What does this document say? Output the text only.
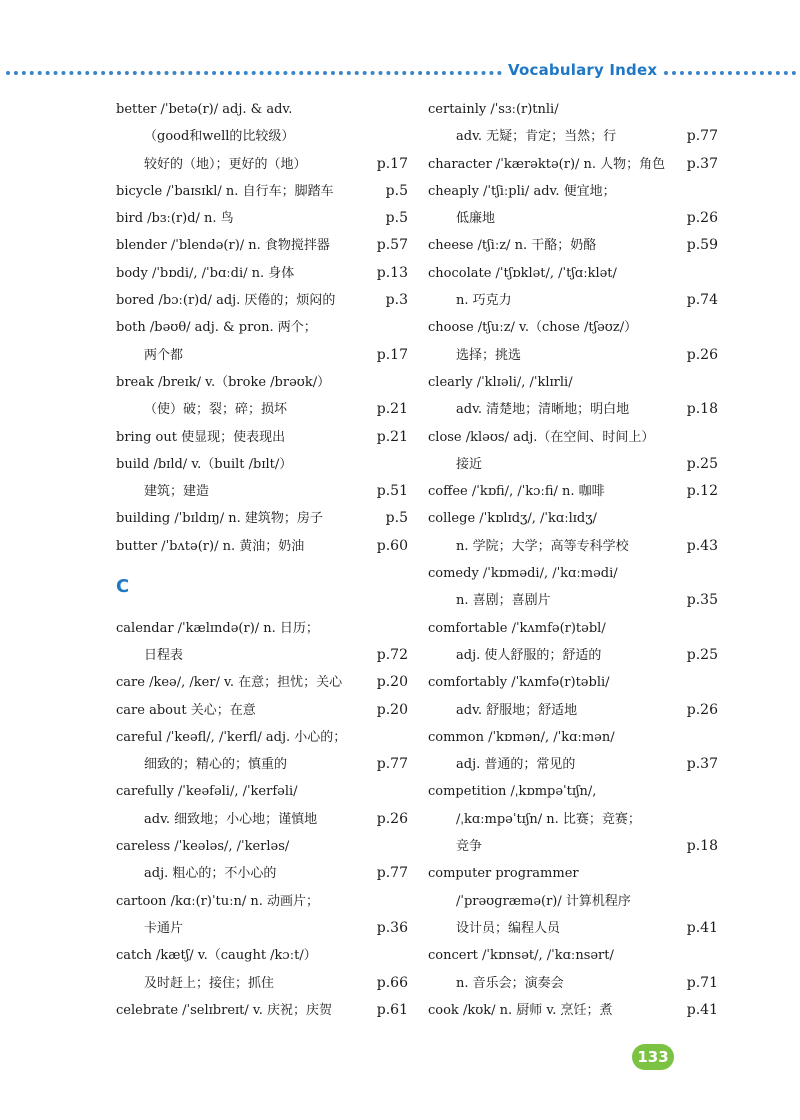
Vocabulary Index
better /ˈbetə(r)/ adj. & adv.
（good和well的比较级）
较好的（地）；更好的（地）	p.17
bicycle /ˈbaɪsɪkl/ n. 自行车；脚踏车	p.5
bird /bɜː(r)d/ n. 鸟	p.5
blender /ˈblendə(r)/ n. 食物搅拌器	p.57
body /ˈbɒdi/, /ˈbɑːdi/ n. 身体	p.13
bored /bɔː(r)d/ adj. 厌倦的；烦闷的	p.3
both /bəʊθ/ adj. & pron. 两个；
两个都	p.17
break /breɪk/ v.（broke /brəʊk/）
（使）破；裂；碎；损坏	p.21
bring out 使显现；使表现出	p.21
build /bɪld/ v.（built /bɪlt/）
建筑；建造	p.51
building /ˈbɪldɪŋ/ n. 建筑物；房子	p.5
butter /ˈbʌtə(r)/ n. 黄油；奶油	p.60
C
calendar /ˈkælɪndə(r)/ n. 日历；
日程表	p.72
care /keə/, /ker/ v. 在意；担忧；关心	p.20
care about 关心；在意	p.20
careful /ˈkeəfl/, /ˈkerfl/ adj. 小心的；
细致的；精心的；慎重的	p.77
carefully /ˈkeəfəli/, /ˈkerfəli/
adv. 细致地；小心地；谨慎地	p.26
careless /ˈkeələs/, /ˈkerləs/
adj. 粗心的；不小心的	p.77
cartoon /kɑː(r)ˈtuːn/ n. 动画片；
卡通片	p.36
catch /kætʃ/ v.（caught /kɔːt/）
及时赶上；接住；抓住	p.66
celebrate /ˈselɪbreɪt/ v. 庆祝；庆贺	p.61
certainly /ˈsɜː(r)tnli/
adv. 无疑；肯定；当然；行	p.77
character /ˈkærəktə(r)/ n. 人物；角色	p.37
cheaply /ˈtʃiːpli/ adv. 便宜地；
低廉地	p.26
cheese /tʃiːz/ n. 干酪；奶酪	p.59
chocolate /ˈtʃɒklət/, /ˈtʃɑːklət/
n. 巧克力	p.74
choose /tʃuːz/ v.（chose /tʃəʊz/）
选择；挑选	p.26
clearly /ˈklɪəli/, /ˈklɪrli/
adv. 清楚地；清晰地；明白地	p.18
close /kləʊs/ adj.（在空间、时间上）
接近	p.25
coffee /ˈkɒfi/, /ˈkɔːfi/ n. 咖啡	p.12
college /ˈkɒlɪdʒ/, /ˈkɑːlɪdʒ/
n. 学院；大学；高等专科学校	p.43
comedy /ˈkɒmədi/, /ˈkɑːmədi/
n. 喜剧；喜剧片	p.35
comfortable /ˈkʌmfə(r)təbl/
adj. 使人舒服的；舒适的	p.25
comfortably /ˈkʌmfə(r)təbli/
adv. 舒服地；舒适地	p.26
common /ˈkɒmən/, /ˈkɑːmən/
adj. 普通的；常见的	p.37
competition /ˌkɒmpəˈtɪʃn/,
/ˌkɑːmpəˈtɪʃn/ n. 比赛；竞赛；
竞争	p.18
computer programmer
/ˈprəʊɡræmə(r)/ 计算机程序
设计员；编程人员	p.41
concert /ˈkɒnsət/, /ˈkɑːnsərt/
n. 音乐会；演奏会	p.71
cook /kʊk/ n. 厨师 v. 烹饪；煮	p.41
133
